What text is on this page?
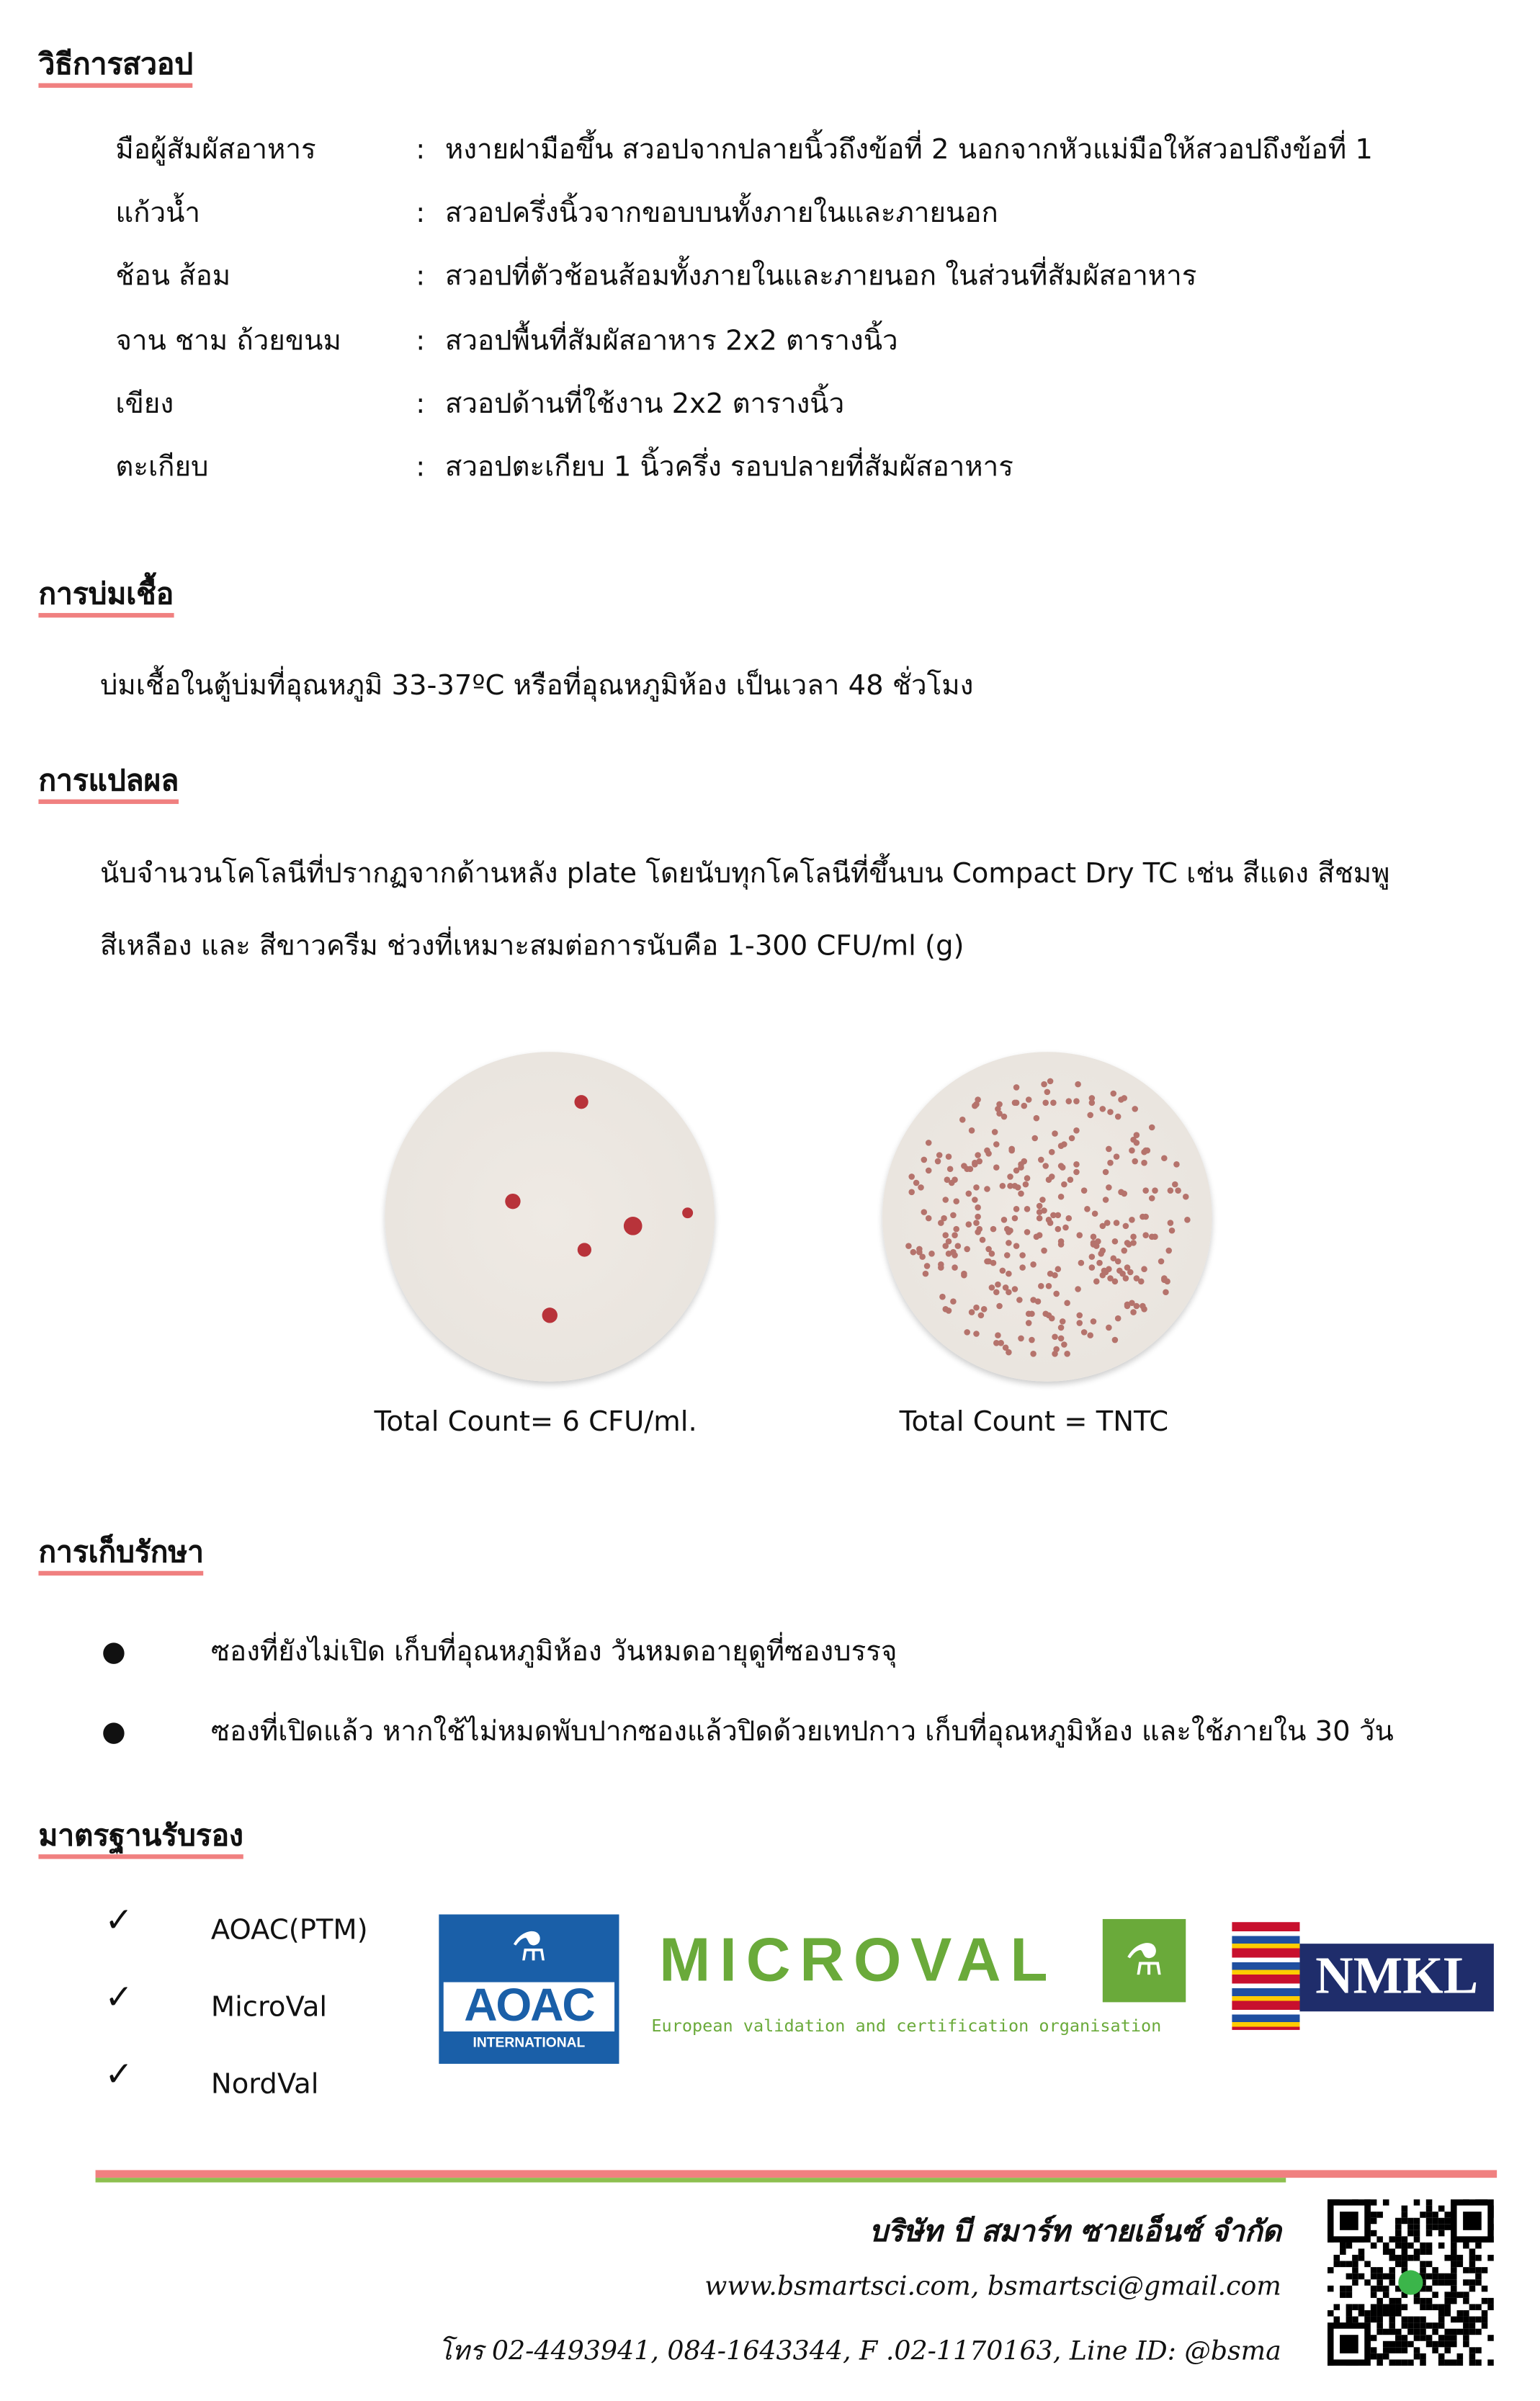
วิธีการสวอป
มือผู้สัมผัสอาหาร	: หงายฝามือขึ้น สวอปจากปลายนิ้วถึงข้อที่ 2 นอกจากหัวแม่มือให้สวอปถึงข้อที่ 1
แก้วน้ำ	: สวอปครึ่งนิ้วจากขอบบนทั้งภายในและภายนอก
ช้อน ส้อม	: สวอปที่ตัวช้อนส้อมทั้งภายในและภายนอก ในส่วนที่สัมผัสอาหาร
จาน ชาม ถ้วยขนม	: สวอปพื้นที่สัมผัสอาหาร 2x2 ตารางนิ้ว
เขียง	: สวอปด้านที่ใช้งาน 2x2 ตารางนิ้ว
ตะเกียบ	: สวอปตะเกียบ 1 นิ้วครึ่ง รอบปลายที่สัมผัสอาหาร
การบ่มเชื้อ
บ่มเชื้อในตู้บ่มที่อุณหภูมิ 33-37ºC หรือที่อุณหภูมิห้อง เป็นเวลา 48 ชั่วโมง
การแปลผล
นับจำนวนโคโลนีที่ปรากฏจากด้านหลัง plate โดยนับทุกโคโลนีที่ขึ้นบน Compact Dry TC เช่น สีแดง สีชมพู
สีเหลือง และ สีขาวครีม ช่วงที่เหมาะสมต่อการนับคือ 1-300 CFU/ml (g)
Total Count= 6 CFU/ml.	Total Count = TNTC
การเก็บรักษา
●	ซองที่ยังไม่เปิด เก็บที่อุณหภูมิห้อง วันหมดอายุดูที่ซองบรรจุ
●	ซองที่เปิดแล้ว หากใช้ไม่หมดพับปากซองแล้วปิดด้วยเทปกาว เก็บที่อุณหภูมิห้อง และใช้ภายใน 30 วัน
มาตรฐานรับรอง
✓	AOAC(PTM)
✓	MicroVal
✓	NordVal
⚗
AOAC
INTERNATIONAL
MICROVAL	⚗
European validation and certification organisation
NMKL
บริษัท บี สมาร์ท ซายเอ็นซ์ จำกัด
www.bsmartsci.com, bsmartsci@gmail.com
โทร 02-4493941, 084-1643344, F .02-1170163, Line ID: @bsma
